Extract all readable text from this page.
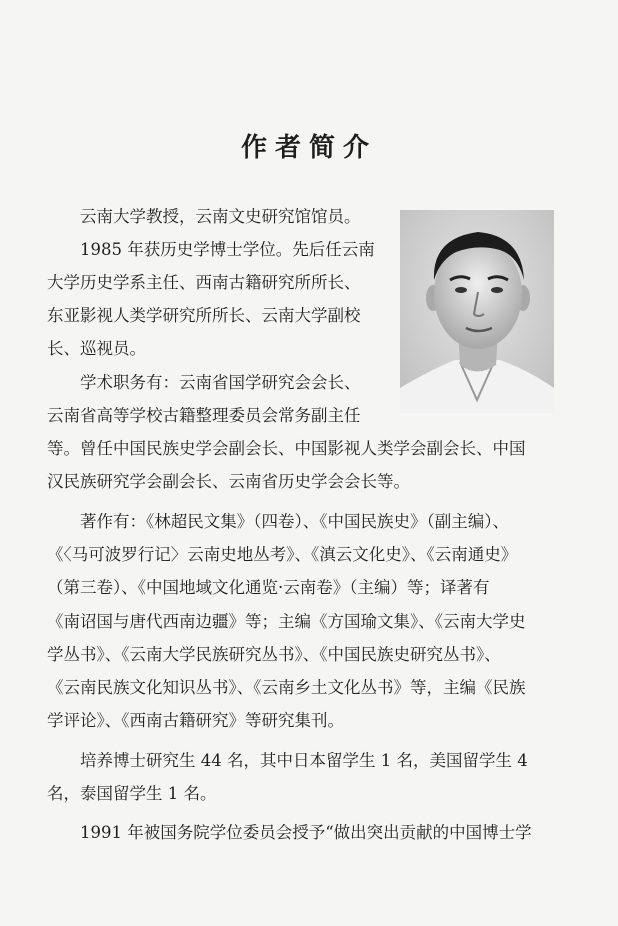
作者简介

云南大学教授，云南文史研究馆馆员。

1985 年获历史学博士学位。先后任云南

大学历史学系主任、西南古籍研究所所长、

东亚影视人类学研究所所长、云南大学副校

长、巡视员。

学术职务有：云南省国学研究会会长、

云南省高等学校古籍整理委员会常务副主任

等。曾任中国民族史学会副会长、中国影视人类学会副会长、中国

汉民族研究学会副会长、云南省历史学会会长等。

著作有：《林超民文集》（四卷）、《中国民族史》（副主编）、

《〈马可波罗行记〉云南史地丛考》、《滇云文化史》、《云南通史》

（第三卷）、《中国地域文化通览·云南卷》（主编）等；译著有

《南诏国与唐代西南边疆》等；主编《方国瑜文集》、《云南大学史

学丛书》、《云南大学民族研究丛书》、《中国民族史研究丛书》、

《云南民族文化知识丛书》、《云南乡土文化丛书》等，主编《民族

学评论》、《西南古籍研究》等研究集刊。

培养博士研究生 44 名，其中日本留学生 1 名，美国留学生 4

名，泰国留学生 1 名。

1991 年被国务院学位委员会授予“做出突出贡献的中国博士学
